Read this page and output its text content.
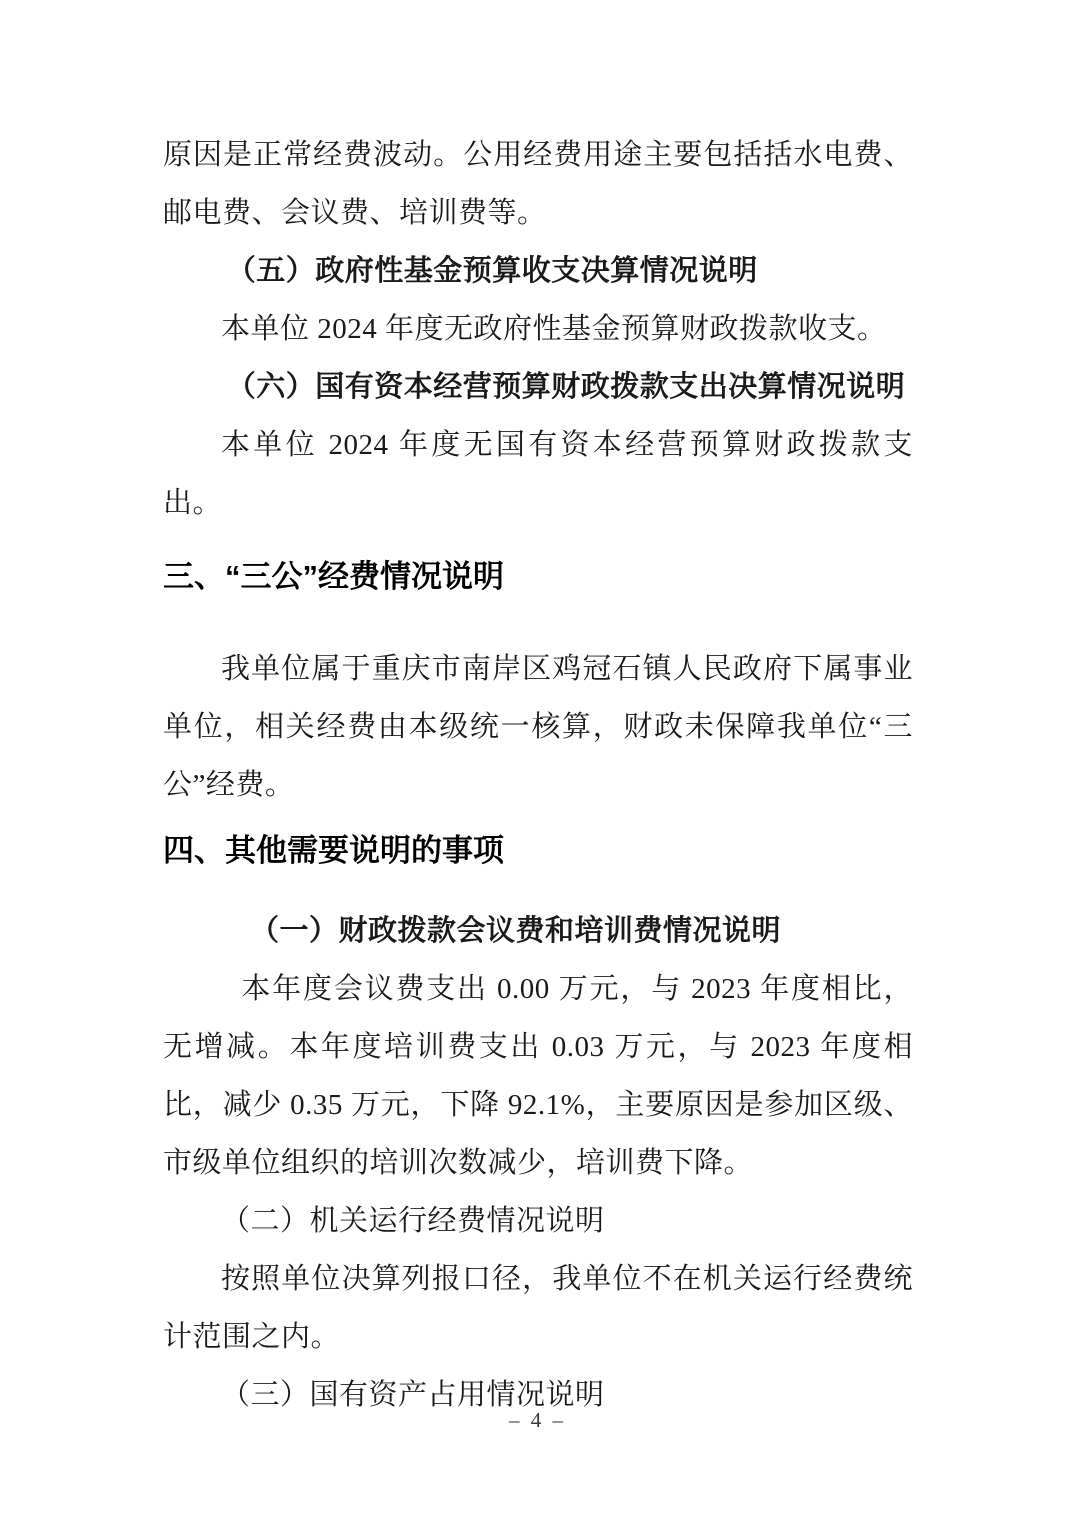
原因是正常经费波动。公用经费用途主要包括括水电费、邮电费、会议费、培训费等。

（五）政府性基金预算收支决算情况说明

本单位 2024 年度无政府性基金预算财政拨款收支。

（六）国有资本经营预算财政拨款支出决算情况说明

本单位 2024 年度无国有资本经营预算财政拨款支出。

三、“三公”经费情况说明

我单位属于重庆市南岸区鸡冠石镇人民政府下属事业单位，相关经费由本级统一核算，财政未保障我单位“三公”经费。

四、其他需要说明的事项

（一）财政拨款会议费和培训费情况说明

本年度会议费支出 0.00 万元，与 2023 年度相比，无增减。本年度培训费支出 0.03 万元，与 2023 年度相比，减少 0.35 万元，下降 92.1%，主要原因是参加区级、市级单位组织的培训次数减少，培训费下降。

（二）机关运行经费情况说明

按照单位决算列报口径，我单位不在机关运行经费统计范围之内。

（三）国有资产占用情况说明

– 4 –
